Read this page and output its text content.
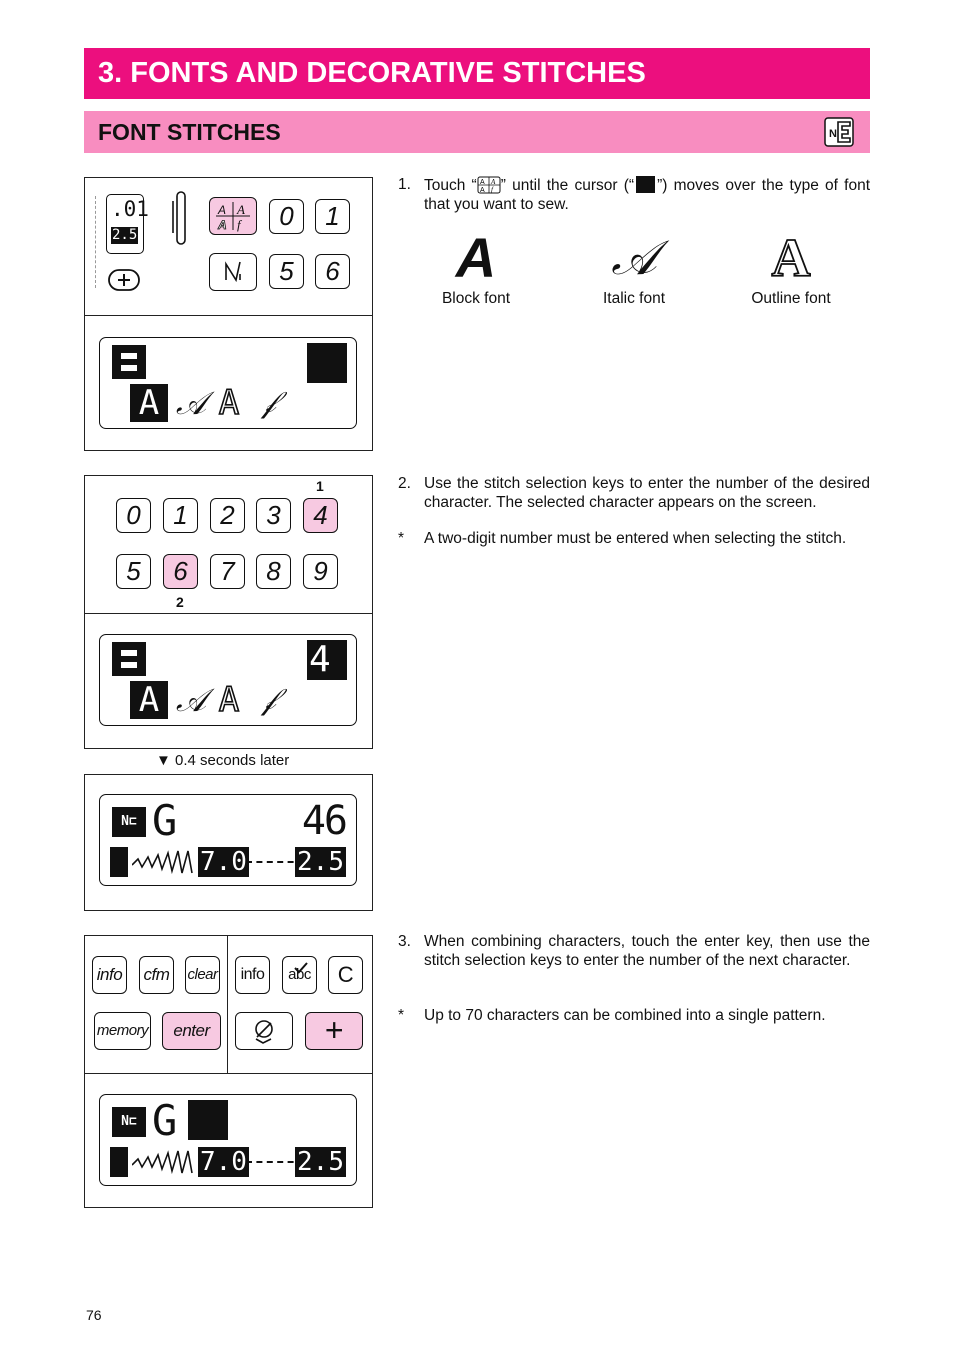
3. FONTS AND DECORATIVE STITCHES
FONT STITCHES	N
.01
2.5
A A
A f	0	1
5	6
A 𝒜 A 𝒻
1
0	1	2	3	4
5	6	7	8	9
2
4
A 𝒜 A 𝒻
▼ 0.4 seconds later
N⊏ G	46
7.0 2.5
info cfm	clear
memory	enter
info	abc	C
+
N⊏ G
7.0 2.5
1. Touch “ A A
A f ” until the cursor (“ ”) moves over the type of font that you want to sew.
A
Block font
𝒜
Italic font
A
Outline font
2. Use the stitch selection keys to enter the number of the desired character. The selected character appears on the screen.
* A two-digit number must be entered when selecting the stitch.
3. When combining characters, touch the enter key, then use the stitch selection keys to enter the number of the next character.
* Up to 70 characters can be combined into a single pattern.
76
